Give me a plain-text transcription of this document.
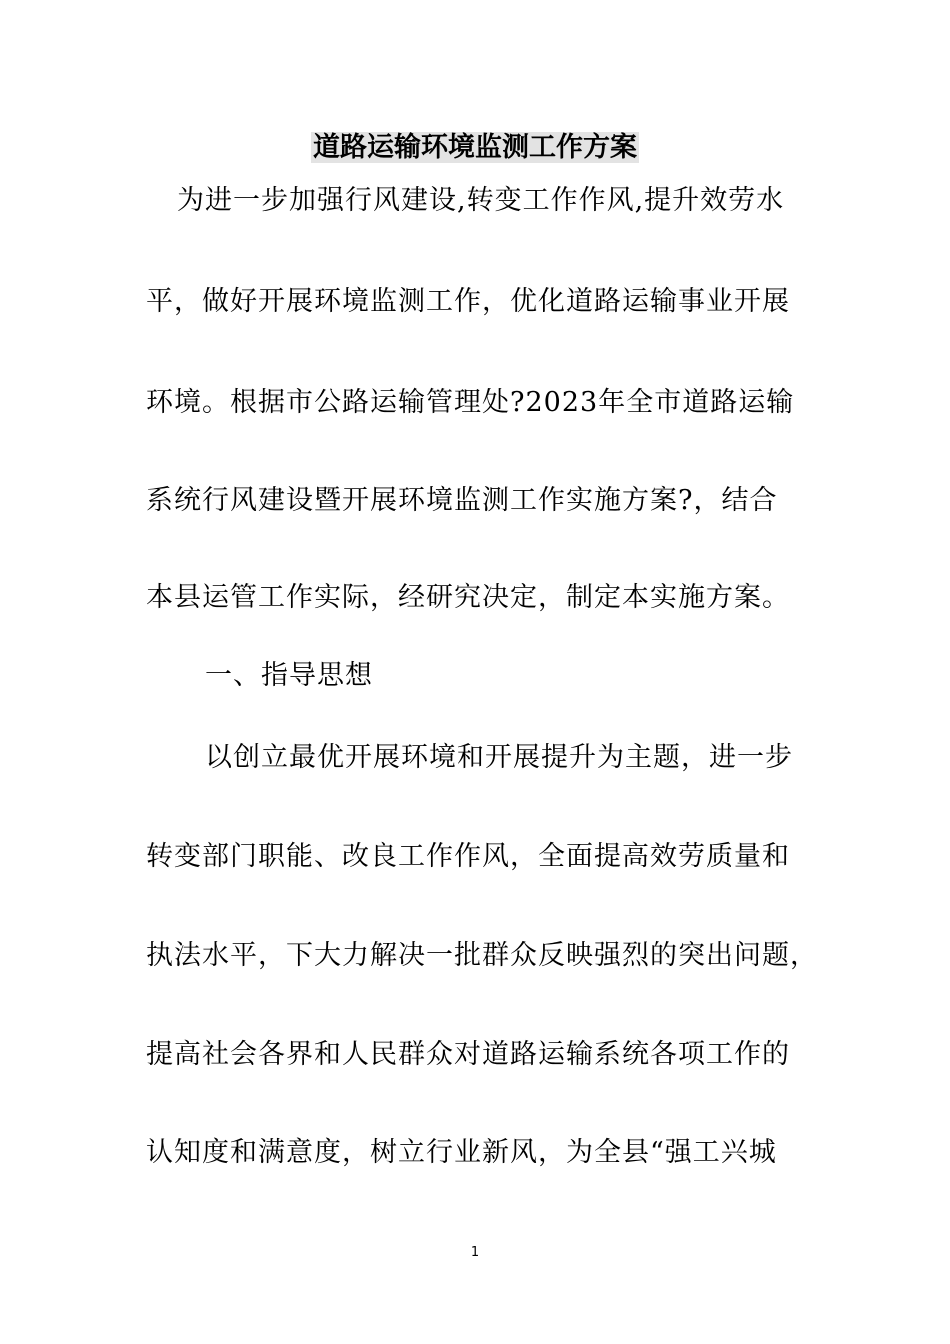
道路运输环境监测工作方案
为进一步加强行风建设,转变工作作风,提升效劳水
平，做好开展环境监测工作，优化道路运输事业开展
环境。根据市公路运输管理处?2023年全市道路运输
系统行风建设暨开展环境监测工作实施方案?，结合
本县运管工作实际，经研究决定，制定本实施方案。
一、指导思想
以创立最优开展环境和开展提升为主题，进一步
转变部门职能、改良工作作风，全面提高效劳质量和
执法水平，下大力解决一批群众反映强烈的突出问题，
提高社会各界和人民群众对道路运输系统各项工作的
认知度和满意度，树立行业新风，为全县“强工兴城
1
